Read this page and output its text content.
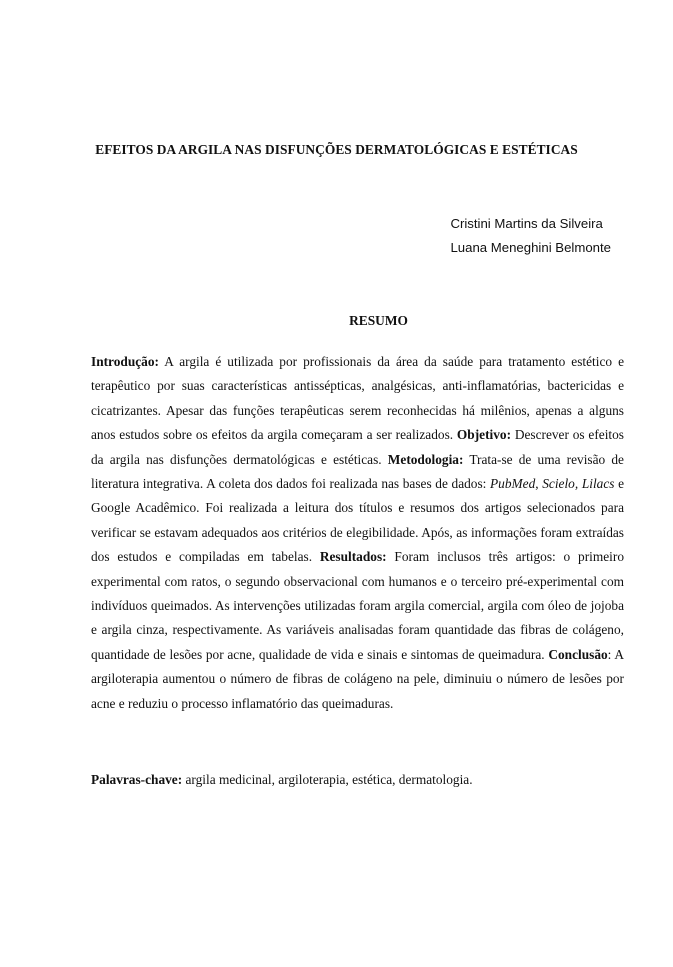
EFEITOS DA ARGILA NAS DISFUNÇÕES DERMATOLÓGICAS E ESTÉTICAS
Cristini Martins da Silveira
Luana Meneghini Belmonte
RESUMO
Introdução: A argila é utilizada por profissionais da área da saúde para tratamento estético e terapêutico por suas características antissépticas, analgésicas, anti-inflamatórias, bactericidas e cicatrizantes. Apesar das funções terapêuticas serem reconhecidas há milênios, apenas a alguns anos estudos sobre os efeitos da argila começaram a ser realizados. Objetivo: Descrever os efeitos da argila nas disfunções dermatológicas e estéticas. Metodologia: Trata-se de uma revisão de literatura integrativa. A coleta dos dados foi realizada nas bases de dados: PubMed, Scielo, Lilacs e Google Acadêmico. Foi realizada a leitura dos títulos e resumos dos artigos selecionados para verificar se estavam adequados aos critérios de elegibilidade. Após, as informações foram extraídas dos estudos e compiladas em tabelas. Resultados: Foram inclusos três artigos: o primeiro experimental com ratos, o segundo observacional com humanos e o terceiro pré-experimental com indivíduos queimados. As intervenções utilizadas foram argila comercial, argila com óleo de jojoba e argila cinza, respectivamente. As variáveis analisadas foram quantidade das fibras de colágeno, quantidade de lesões por acne, qualidade de vida e sinais e sintomas de queimadura. Conclusão: A argiloterapia aumentou o número de fibras de colágeno na pele, diminuiu o número de lesões por acne e reduziu o processo inflamatório das queimaduras.
Palavras-chave: argila medicinal, argiloterapia, estética, dermatologia.
